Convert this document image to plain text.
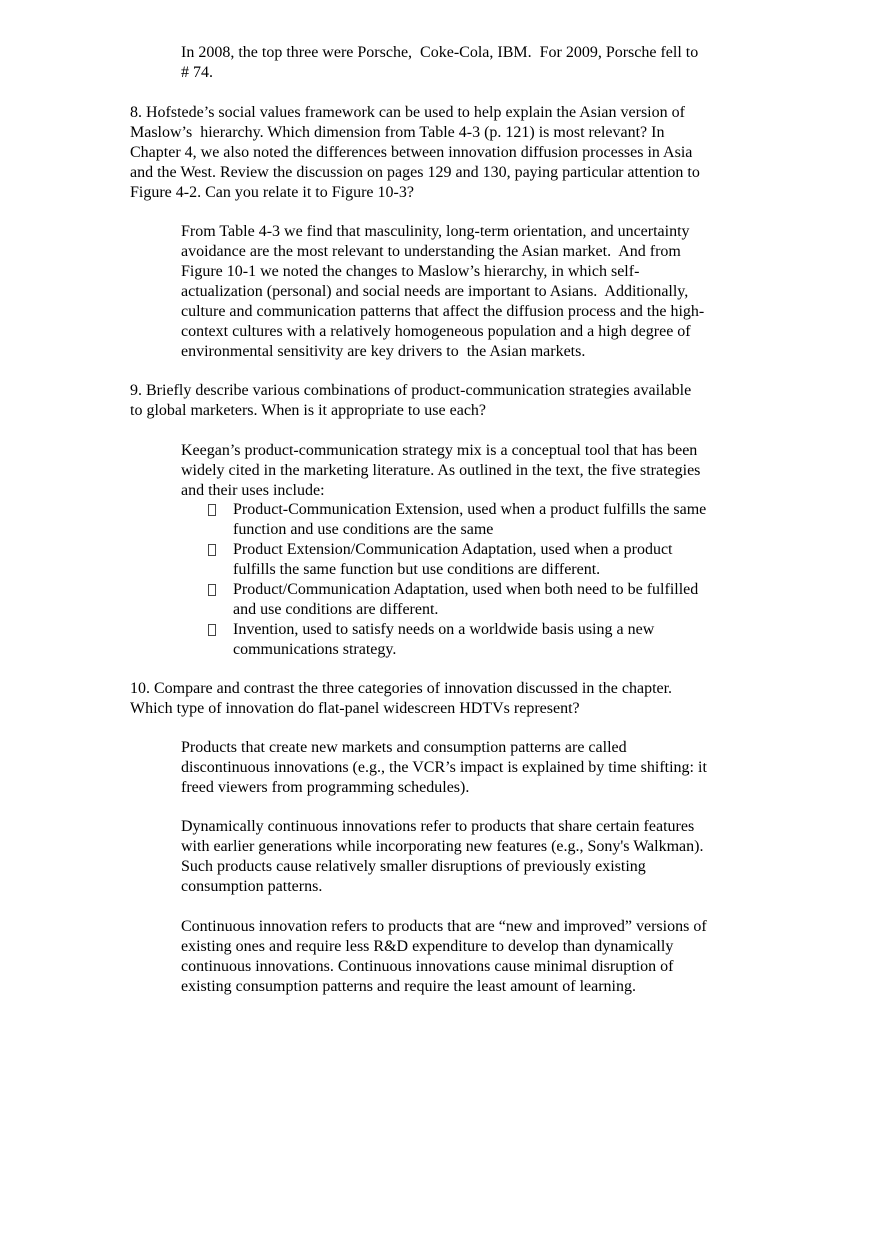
In 2008, the top three were Porsche,  Coke-Cola, IBM.  For 2009, Porsche fell to
# 74.
8. Hofstede’s social values framework can be used to help explain the Asian version of
Maslow’s  hierarchy. Which dimension from Table 4-3 (p. 121) is most relevant? In
Chapter 4, we also noted the differences between innovation diffusion processes in Asia
and the West. Review the discussion on pages 129 and 130, paying particular attention to
Figure 4-2. Can you relate it to Figure 10-3?
From Table 4-3 we find that masculinity, long-term orientation, and uncertainty
avoidance are the most relevant to understanding the Asian market.  And from
Figure 10-1 we noted the changes to Maslow’s hierarchy, in which self-
actualization (personal) and social needs are important to Asians.  Additionally,
culture and communication patterns that affect the diffusion process and the high-
context cultures with a relatively homogeneous population and a high degree of
environmental sensitivity are key drivers to  the Asian markets.
9. Briefly describe various combinations of product-communication strategies available
to global marketers. When is it appropriate to use each?
Keegan’s product-communication strategy mix is a conceptual tool that has been
widely cited in the marketing literature. As outlined in the text, the five strategies
and their uses include:
Product-Communication Extension, used when a product fulfills the same
function and use conditions are the same
Product Extension/Communication Adaptation, used when a product
fulfills the same function but use conditions are different.
Product/Communication Adaptation, used when both need to be fulfilled
and use conditions are different.
Invention, used to satisfy needs on a worldwide basis using a new
communications strategy.
10. Compare and contrast the three categories of innovation discussed in the chapter.
Which type of innovation do flat-panel widescreen HDTVs represent?
Products that create new markets and consumption patterns are called
discontinuous innovations (e.g., the VCR’s impact is explained by time shifting: it
freed viewers from programming schedules).
Dynamically continuous innovations refer to products that share certain features
with earlier generations while incorporating new features (e.g., Sony's Walkman).
Such products cause relatively smaller disruptions of previously existing
consumption patterns.
Continuous innovation refers to products that are “new and improved” versions of
existing ones and require less R&D expenditure to develop than dynamically
continuous innovations. Continuous innovations cause minimal disruption of
existing consumption patterns and require the least amount of learning.
